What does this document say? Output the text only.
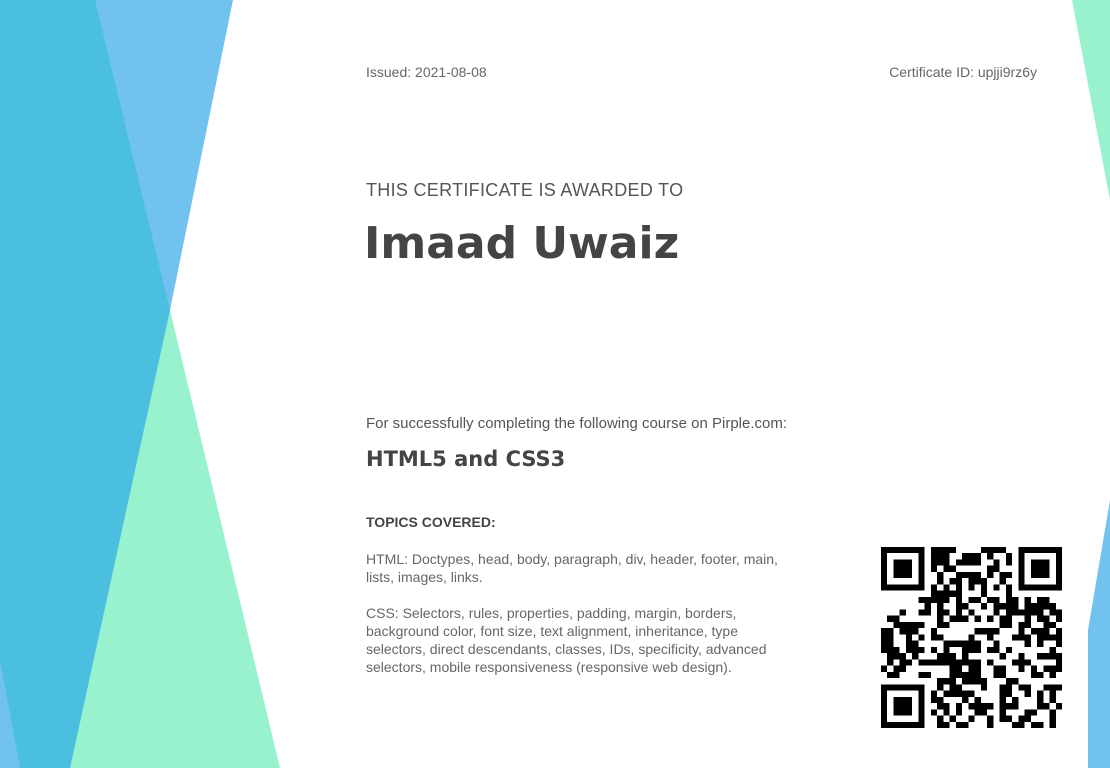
Issued: 2021-08-08	Certificate ID: upjji9rz6y
THIS CERTIFICATE IS AWARDED TO
Imaad Uwaiz
For successfully completing the following course on Pirple.com:
HTML5 and CSS3
TOPICS COVERED:
HTML: Doctypes, head, body, paragraph, div, header, footer, main, lists, images, links.
CSS: Selectors, rules, properties, padding, margin, borders, background color, font size, text alignment, inheritance, type selectors, direct descendants, classes, IDs, specificity, advanced selectors, mobile responsiveness (responsive web design).
